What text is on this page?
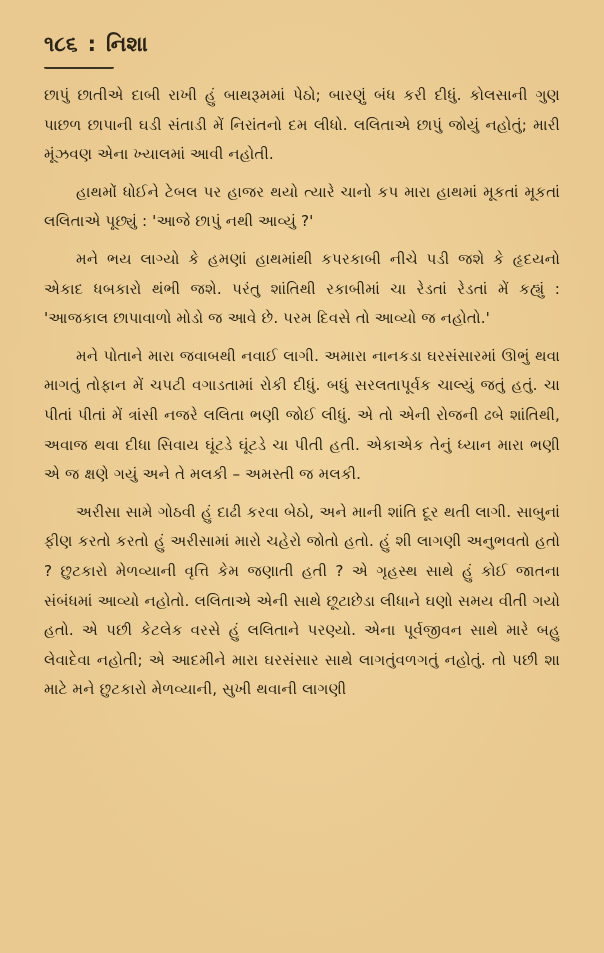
૧૮૬ : નિશા

છાપું છાતીએ દાબી રાખી હું બાથરૂમમાં પેઠો; બારણું બંધ કરી દીધું. કોલસાની ગુણ પાછળ છાપાની ઘડી સંતાડી મેં નિરાંતનો દમ લીધો. લલિતાએ છાપું જોયું નહોતું; મારી મૂંઝવણ એના ખ્યાલમાં આવી નહોતી.

હાથમોં ધોઈને ટેબલ પર હાજર થયો ત્યારે ચાનો કપ મારા હાથમાં મૂકતાં મૂકતાં લલિતાએ પૂછ્યું : 'આજે છાપું નથી આવ્યું ?'

મને ભય લાગ્યો કે હમણાં હાથમાંથી કપરકાબી નીચે પડી જશે કે હૃદયનો એકાદ ધબકારો થંભી જશે. પરંતુ શાંતિથી રકાબીમાં ચા રેડતાં રેડતાં મેં કહ્યું : 'આજકાલ છાપાવાળો મોડો જ આવે છે. પરમ દિવસે તો આવ્યો જ નહોતો.'

મને પોતાને મારા જવાબથી નવાઈ લાગી. અમારા નાનકડા ઘરસંસારમાં ઊભું થવા માગતું તોફાન મેં ચપટી વગાડતામાં રોકી દીધું. બધું સરલતાપૂર્વક ચાલ્યું જતું હતું. ચા પીતાં પીતાં મેં ત્રાંસી નજરે લલિતા ભણી જોઈ લીધું. એ તો એની રોજની ઢબે શાંતિથી, અવાજ થવા દીધા સિવાય ઘૂંટડે ઘૂંટડે ચા પીતી હતી. એકાએક તેનું ધ્યાન મારા ભણી એ જ ક્ષણે ગયું અને તે મલકી – અમસ્તી જ મલકી.

અરીસા સામે ગોઠવી હું દાઢી કરવા બેઠો, અને માની શાંતિ દૂર થતી લાગી. સાબુનાં ફીણ કરતો કરતો હું અરીસામાં મારો ચહેરો જોતો હતો. હું શી લાગણી અનુભવતો હતો ? છુટકારો મેળવ્યાની વૃત્તિ કેમ જણાતી હતી ? એ ગૃહસ્થ સાથે હું કોઈ જાતના સંબંધમાં આવ્યો નહોતો. લલિતાએ એની સાથે છૂટાછેડા લીધાને ઘણો સમય વીતી ગયો હતો. એ પછી કેટલેક વરસે હું લલિતાને પરણ્યો. એના પૂર્વજીવન સાથે મારે બહુ લેવાદેવા નહોતી; એ આદમીને મારા ઘરસંસાર સાથે લાગતુંવળગતું નહોતું. તો પછી શા માટે મને છુટકારો મેળવ્યાની, સુખી થવાની લાગણી
